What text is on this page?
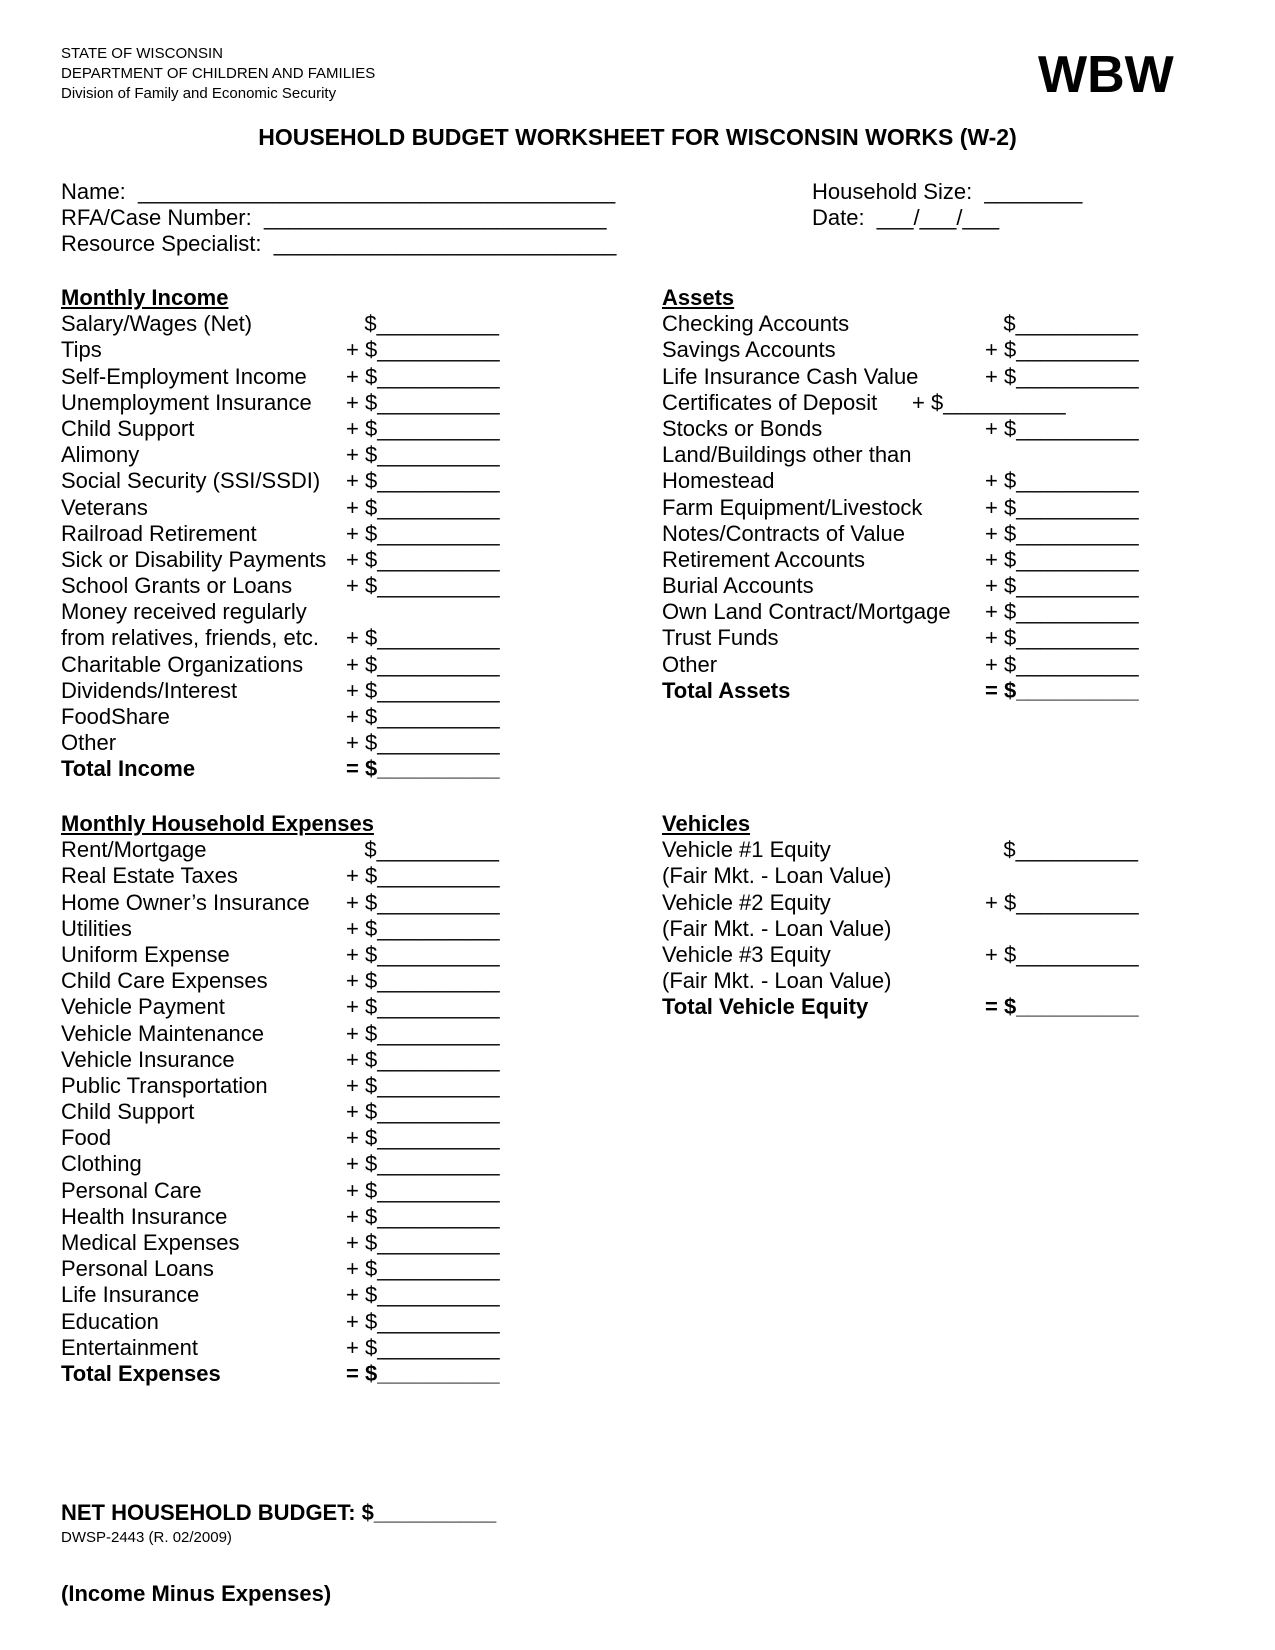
STATE OF WISCONSIN
DEPARTMENT OF CHILDREN AND FAMILIES
Division of Family and Economic Security	WBW
HOUSEHOLD BUDGET WORKSHEET FOR WISCONSIN WORKS (W-2)
Name:  _______________________________________
RFA/Case Number:  ____________________________
Resource Specialist:  ____________________________
Household Size:  ________
Date:  ___/___/___
Monthly Income
Salary/Wages (Net)	$__________
Tips	+ $__________
Self-Employment Income + $__________
Unemployment Insurance + $__________
Child Support	+ $__________
Alimony	+ $__________
Social Security (SSI/SSDI) + $__________
Veterans	+ $__________
Railroad Retirement	+ $__________
Sick or Disability Payments + $__________
School Grants or Loans + $__________
Money received regularly
from relatives, friends, etc. + $__________
Charitable Organizations + $__________
Dividends/Interest	+ $__________
FoodShare	+ $__________
Other	+ $__________
Total Income	= $__________
Monthly Household Expenses
Rent/Mortgage	$__________
Real Estate Taxes	+ $__________
Home Owner’s Insurance + $__________
Utilities	+ $__________
Uniform Expense	+ $__________
Child Care Expenses	+ $__________
Vehicle Payment	+ $__________
Vehicle Maintenance	+ $__________
Vehicle Insurance	+ $__________
Public Transportation	+ $__________
Child Support	+ $__________
Food	+ $__________
Clothing	+ $__________
Personal Care	+ $__________
Health Insurance	+ $__________
Medical Expenses	+ $__________
Personal Loans	+ $__________
Life Insurance	+ $__________
Education	+ $__________
Entertainment	+ $__________
Total Expenses	= $__________
Assets
Checking Accounts	$__________
Savings Accounts	+ $__________
Life Insurance Cash Value	+ $__________
Certificates of Deposit + $__________
Stocks or Bonds	+ $__________
Land/Buildings other than
Homestead	+ $__________
Farm Equipment/Livestock	+ $__________
Notes/Contracts of Value	+ $__________
Retirement Accounts	+ $__________
Burial Accounts	+ $__________
Own Land Contract/Mortgage + $__________
Trust Funds	+ $__________
Other	+ $__________
Total Assets	= $__________
Vehicles
Vehicle #1 Equity	$__________
(Fair Mkt. - Loan Value)
Vehicle #2 Equity	+ $__________
(Fair Mkt. - Loan Value)
Vehicle #3 Equity	+ $__________
(Fair Mkt. - Loan Value)
Total Vehicle Equity	= $__________

NET HOUSEHOLD BUDGET: $__________

(Income Minus Expenses)

DWSP-2443 (R. 02/2009)
